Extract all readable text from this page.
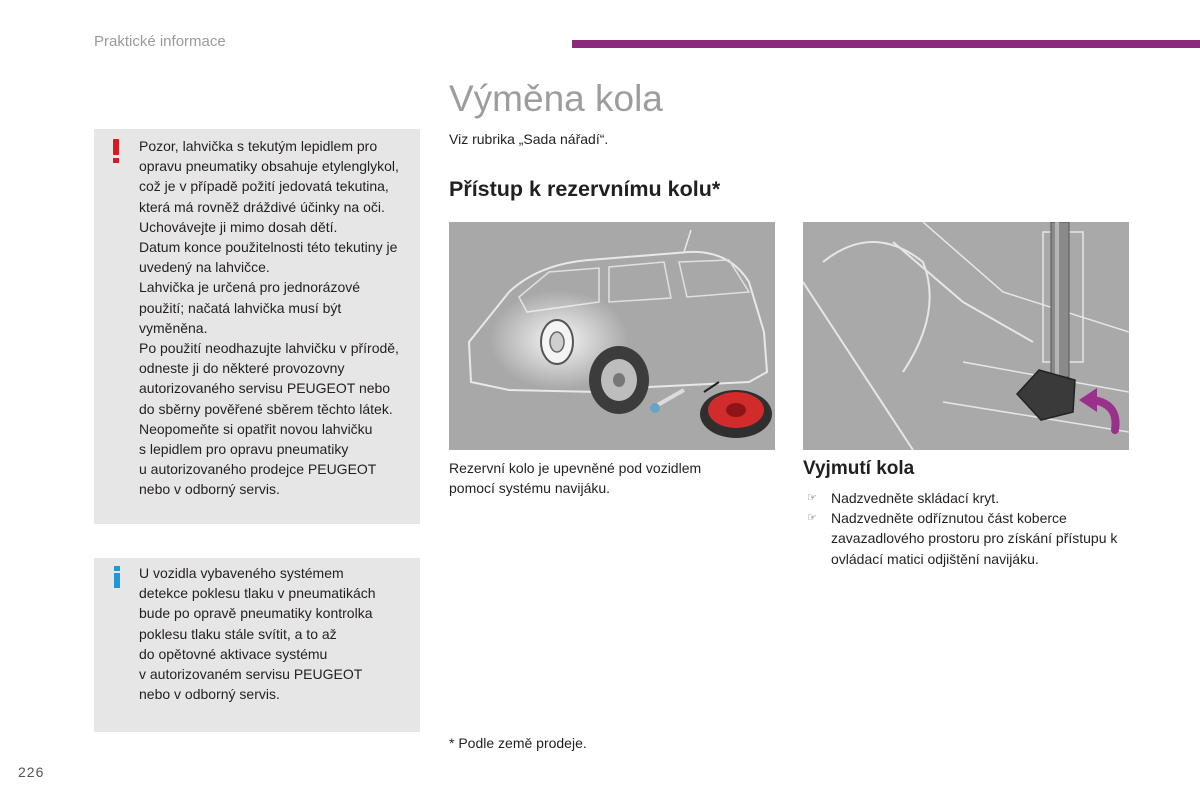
Praktické informace
Výměna kola
Viz rubrika „Sada nářadí“.
Přístup k rezervnímu kolu*
Pozor, lahvička s tekutým lepidlem pro
opravu pneumatiky obsahuje etylenglykol,
což je v případě požití jedovatá tekutina,
která má rovněž dráždivé účinky na oči.
Uchovávejte ji mimo dosah dětí.
Datum konce použitelnosti této tekutiny je
uvedený na lahvičce.
Lahvička je určená pro jednorázové
použití; načatá lahvička musí být
vyměněna.
Po použití neodhazujte lahvičku v přírodě,
odneste ji do některé provozovny
autorizovaného servisu PEUGEOT nebo
do sběrny pověřené sběrem těchto látek.
Neopomeňte si opatřit novou lahvičku
s lepidlem pro opravu pneumatiky
u autorizovaného prodejce PEUGEOT
nebo v odborný servis.
U vozidla vybaveného systémem
detekce poklesu tlaku v pneumatikách
bude po opravě pneumatiky kontrolka
poklesu tlaku stále svítit, a to až
do opětovné aktivace systému
v autorizovaném servisu PEUGEOT
nebo v odborný servis.
Rezervní kolo je upevněné pod vozidlem
pomocí systému navijáku.
Vyjmutí kola
☞ Nadzvedněte skládací kryt.
☞ Nadzvedněte odříznutou část koberce zavazadlového prostoru pro získání přístupu k ovládací matici odjištění navijáku.
* Podle země prodeje.
226
